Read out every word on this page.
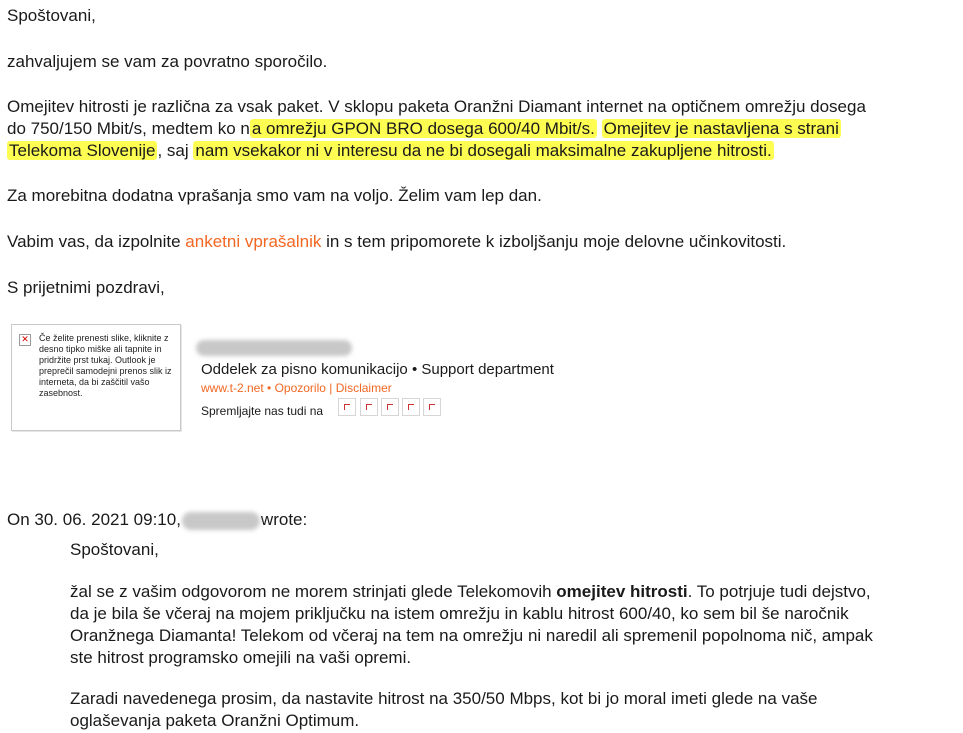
Spoštovani,

zahvaljujem se vam za povratno sporočilo.

Omejitev hitrosti je različna za vsak paket. V sklopu paketa Oranžni Diamant internet na optičnem omrežju dosega

do 750/150 Mbit/s, medtem ko n a omrežju GPON BRO dosega 600/40 Mbit/s. Omejitev je nastavljena s strani

Telekoma Slovenije , saj nam vsekakor ni v interesu da ne bi dosegali maksimalne zakupljene hitrosti.

Za morebitna dodatna vprašanja smo vam na voljo. Želim vam lep dan.

Vabim vas, da izpolnite anketni vprašalnik in s tem pripomorete k izboljšanju moje delovne učinkovitosti.

S prijetnimi pozdravi,

✕ Če želite prenesti slike, kliknite z desno tipko miške ali tapnite in pridržite prst tukaj. Outlook je preprečil samodejni prenos slik iz interneta, da bi zaščitil vašo zasebnost.
Oddelek za pisno komunikacijo • Support department
www.t-2.net • Opozorilo | Disclaimer
Spremljajte nas tudi na

On 30. 06. 2021 09:10,	wrote:

Spoštovani,

žal se z vašim odgovorom ne morem strinjati glede Telekomovih omejitev hitrosti. To potrjuje tudi dejstvo,

da je bila še včeraj na mojem priključku na istem omrežju in kablu hitrost 600/40, ko sem bil še naročnik

Oranžnega Diamanta! Telekom od včeraj na tem na omrežju ni naredil ali spremenil popolnoma nič, ampak

ste hitrost programsko omejili na vaši opremi.

Zaradi navedenega prosim, da nastavite hitrost na 350/50 Mbps, kot bi jo moral imeti glede na vaše

oglaševanja paketa Oranžni Optimum.
